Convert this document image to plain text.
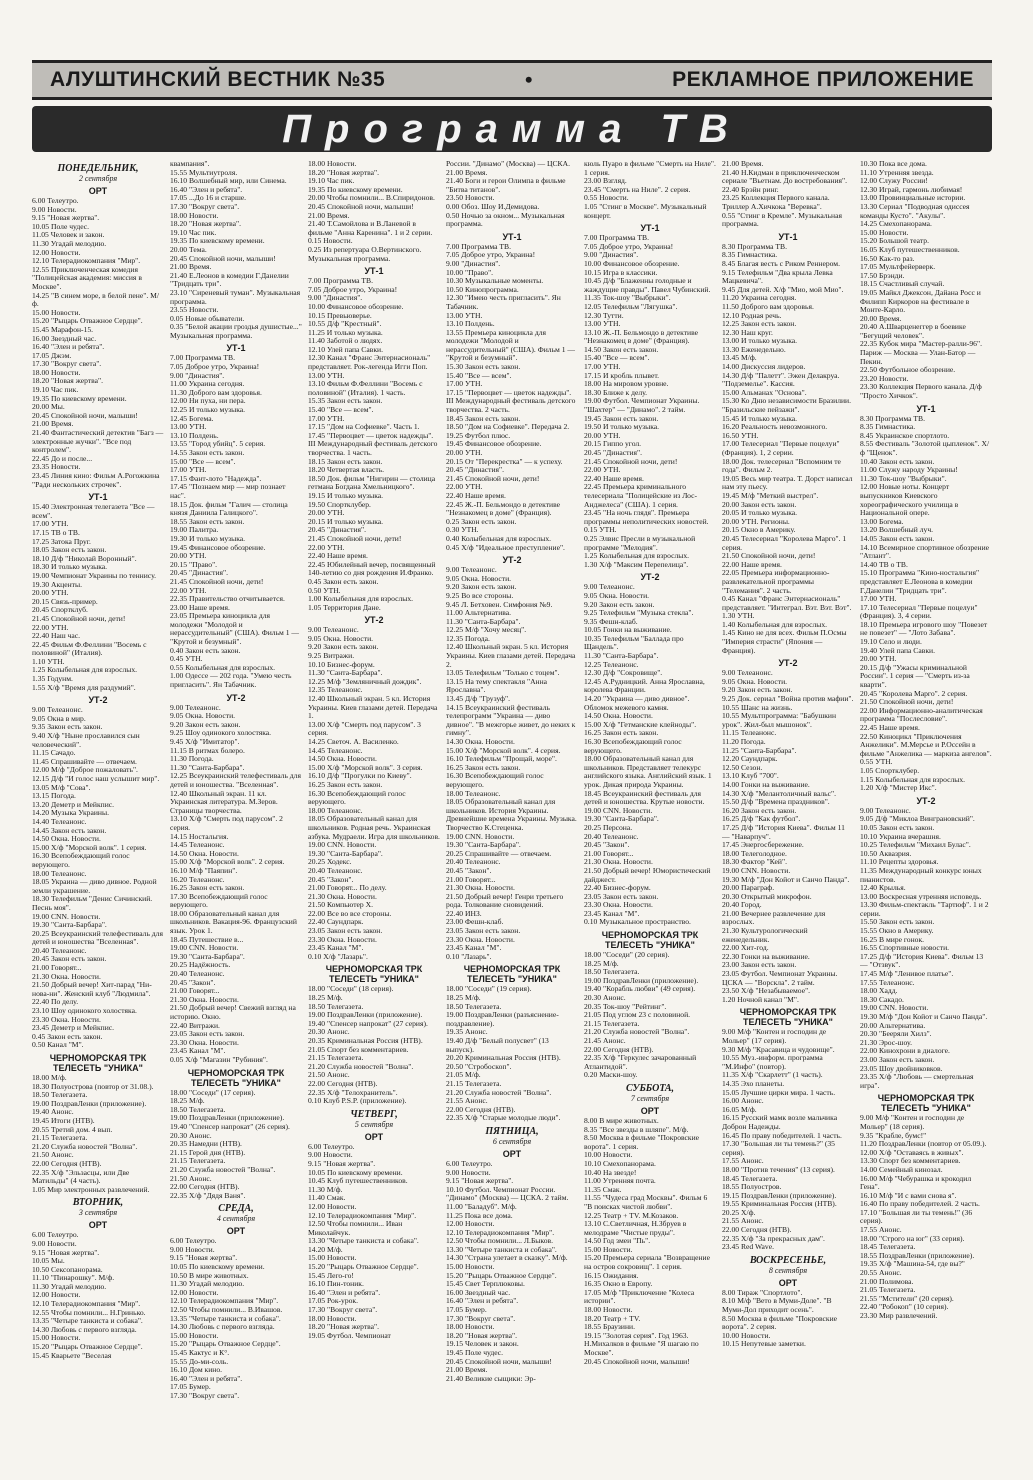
АЛУШТИНСКИЙ ВЕСТНИК №35	•	РЕКЛАМНОЕ ПРИЛОЖЕНИЕ
Программа ТВ
ПОНЕДЕЛЬНИК,
2 сентября
ОРТ

6.00 Телеутро.

9.00 Новости.

9.15 "Новая жертва".

10.05 Поле чудес.

11.05 Человек и закон.

11.30 Угадай мелодию.

12.00 Новости.

12.10 Телерадиокомпания "Мир".

12.55 Приключенческая комедия "Полицейская академия: миссия в Москве".

14.25 "В синем море, в белой пене". М/ф.

15.00 Новости.

15.20 "Рыцарь Отважное Сердце".

15.45 Марафон-15.

16.00 Звездный час.

16.40 "Элен и ребята".

17.05 Джэм.

17.30 "Вокруг света".

18.00 Новости.

18.20 "Новая жертва".

19.10 Час пик.

19.35 По киевскому времени.

20.00 Мы.

20.45 Спокойной ночи, малыши!

21.00 Время.

21.40 Фантастический детектив "Багз — электронные жучки". "Все под контролем".

22.45 До и после...

23.35 Новости.

23.45 Линия кино: Фильм А.Рогожкина "Ради нескольких строчек".

УТ-1

15.40 Электронная телегазета "Все — всем".

17.00 УТН.

17.15 ТВ о ТВ.

17.25 Затока Пруг.

18.05 Закон есть закон.

18.10 Д/ф "Николай Воронный".

18.30 И только музыка.

19.00 Чемпионат Украины по теннису.

19.30 Акценты.

20.00 УТН.

20.15 Связь-пример.

20.45 Спортклуб.

21.45 Спокойной ночи, дети!

22.00 УТН.

22.40 Наш час.

22.45 Фильм Ф.Феллини "Восемь с половиной" (Италия).

1.10 УТН.

1.25 Колыбельная для взрослых.

1.35 Годунм.

1.55 Х/ф "Время для раздумий".

УТ-2

9.00 Телеанонс.

9.05 Окна в мир.

9.35 Закон есть закон.

9.40 Х/ф "Ныне прославился сын человеческий".

11.15 Сачадо.

11.45 Спрашивайте — отвечаем.

12.00 М/ф "Доброе пожаловать".

12.15 Д/ф "И голос наш услышит мир".

13.05 М/ф "Сова".

13.15 Погода.

13.20 Деметр и Мейкпис.

14.20 Музыка Украины.

14.40 Телеанонс.

14.45 Закон есть закон.

14.50 Окна. Новости.

15.00 Х/ф "Морской волк". 1 серия.

16.30 Всепобеждающий голос верующего.

18.00 Телеанонс.

18.05 Украина — диво дивное. Родной земли украшение.

18.30 Телефильм "Денис Сичинский. Песнь моя".

19.00 CNN. Новости.

19.30 "Санта-Барбара".

20.25 Всеукраинский телефестиваль для детей и юношества "Вселенная".

20.40 Телеанонс.

20.45 Закон есть закон.

21.00 Говорят...

21.30 Окна. Новости.

21.50 Добрый вечер! Хит-парад "Ни-нова-ни". Женский клуб "Людмила".

22.40 По делу.

23.10 Шоу одинокого холостяка.

23.30 Окна. Новости.

23.45 Деметр и Мейкпис.

0.45 Закон есть закон.

0.50 Канал "М".

ЧЕРНОМОРСКАЯ ТРК ТЕЛЕСЕТЬ "УНИКА"

18.00 М/ф.

18.30 Полуострова (повтор от 31.08.).

18.50 Телегазета.

19.00 ПоздравЛенки (приложение).

19.40 Анонс.

19.45 Итоги (НТВ).

20.55 Третий дом. 4 вып.

21.15 Телегазета.

21.20 Служба новостей "Волна".

21.50 Анонс.

22.00 Сегодня (НТВ).

22.35 Х/ф "Эльзасцы, или Две Матильды" (4 часть).

1.05 Мир электронных развлечений.

ВТОРНИК,
3 сентября
ОРТ

6.00 Телеутро.

9.00 Новости.

9.15 "Новая жертва".

10.05 Мы.

10.50 Сексопанорама.

11.10 "Пинарошку". М/ф.

11.30 Угадай мелодию.

12.00 Новости.

12.10 Телерадиокомпания "Мир".

12.55 Чтобы помнили... Н.Гринько.

13.35 "Четыре танкиста и собака".

14.30 Любовь с первого взгляда.

15.00 Новости.

15.20 "Рыцарь Отважное Сердце".

15.45 Кварьете "Веселая

квампания".

15.55 Мультиутроля.

16.10 Волшебный мир, или Синема.

16.40 "Элен и ребята".

17.05 ...До 16 и старше.

17.30 "Вокруг света".

18.00 Новости.

18.20 "Новая жертва".

19.10 Час пик.

19.35 По киевскому времени.

20.00 Тема.

20.45 Спокойной ночи, малыши!

21.00 Время.

21.40 Е.Леонов в комедии Г.Данелии "Тридцать три".

23.10 "Сиреневый туман". Музыкальная программа.

23.55 Новости.

0.05 Новые обыватели.

0.35 "Белой акации гроздья душистые..." Музыкальная программа.

УТ-1

7.00 Программа ТВ.

7.05 Доброе утро, Украина!

9.00 "Династия".

11.00 Украина сегодня.

11.30 Доброго вам здоровья.

12.00 Ни пуха, ни пера.

12.25 И только музыка.

12.45 Богема.

13.00 УТН.

13.10 Полдень.

13.55 "Город убийц". 5 серия.

14.55 Закон есть закон.

15.00 "Все — всем".

17.00 УТН.

17.15 Фант-лото "Надежда".

17.45 "Познаем мир — мир познает нас".

18.15 Док. фильм "Галич — столица князя Даниила Галицкого".

18.55 Закон есть закон.

19.00 Палитра.

19.30 И только музыка.

19.45 Финансовое обозрение.

20.00 УТН.

20.15 "Право".

20.45 "Династия".

21.45 Спокойной ночи, дети!

22.00 УТН.

22.35 Правительство отчитывается.

23.00 Наше время.

23.05 Премьера киноцикла для молодежи "Молодой и нерассудительный" (США). Фильм 1 — "Крутой и безумный".

0.40 Закон есть закон.

0.45 УТН.

0.55 Колыбельная для взрослых.

1.00 Одессе — 202 года. "Умею честь пригласить". Ян Табачник.

УТ-2

9.00 Телеанонс.

9.05 Окна. Новости.

9.20 Закон есть закон.

9.25 Шоу одинокого холостяка.

9.45 Х/ф "Имитатор".

11.15 В ритмах болеро.

11.30 Погода.

11.30 "Санта-Барбара".

12.25 Всеукраинский телефестиваль для детей и юношества. "Вселенная".

12.40 Школьный экран. 11 кл. Украинская литература. М.Зеров. Страницы творчества.

13.10 Х/ф "Смерть под парусом". 2 серия.

14.15 Ностальгия.

14.45 Телеанонс.

14.50 Окна. Новости.

15.00 Х/ф "Морской волк". 2 серия.

16.10 М/ф "Паяпин".

16.20 Телеанонс.

16.25 Закон есть закон.

17.30 Всепобеждающий голос верующего.

18.00 Образовательный канал для школьников. Вакация-96. Французский язык. Урок 1.

18.45 Путешествие в...

19.00 CNN. Новости.

19.30 "Санта-Барбара".

20.25 Надёжность.

20.40 Телеанонс.

20.45 "Закон".

21.00 Говорят...

21.30 Окна. Новости.

21.50 Добрый вечер! Свежий взгляд на историю. Окно.

22.40 Витражи.

23.05 Закон есть закон.

23.30 Окна. Новости.

23.45 Канал "М".

0.05 Х/ф "Магазин "Рубиния".

ЧЕРНОМОРСКАЯ ТРК ТЕЛЕСЕТЬ "УНИКА"

18.00 "Соседи" (17 серия).

18.25 М/ф.

18.50 Телегазета.

19.00 ПоздравЛенки (приложение).

19.40 "Спенсер напрокат" (26 серия).

20.30 Анонс.

20.35 Намедни (НТВ).

21.15 Герой дня (НТВ).

21.15 Телегазета.

21.20 Служба новостей "Волна".

21.50 Анонс.

22.00 Сегодня (НТВ).

22.35 Х/ф "Дядя Ваня".

СРЕДА,
4 сентября
ОРТ

6.00 Телеутро.

9.00 Новости.

9.15 "Новая жертва".

10.05 По киевскому времени.

10.50 В мире животных.

11.30 Угадай мелодию.

12.00 Новости.

12.10 Телерадиокомпания "Мир".

12.50 Чтобы помнили... В.Ивашов.

13.35 "Четыре танкиста и собака".

14.30 Любовь с первого взгляда.

15.00 Новости.

15.20 "Рыцарь Отважное Сердце".

15.45 Кактус и К°.

15.55 До-ми-соль.

16.10 Дом кино.

16.40 "Элен и ребята".

17.05 Бумер.

17.30 "Вокруг света".

18.00 Новости.

18.20 "Новая жертва".

19.10 Час пик.

19.35 По киевскому времени.

20.00 Чтобы помнили... В.Спиридонов.

20.45 Спокойной ночи, малыши!

21.00 Время.

21.40 Т.Самойлова и В.Ланевой в фильме "Анна Каренина". 1 и 2 серии.

0.15 Новости.

0.25 Из репертуара О.Вертинского. Музыкальная программа.

УТ-1

7.00 Программа ТВ.

7.05 Доброе утро, Украина!

9.00 "Династия".

10.00 Финансовое обозрение.

10.15 Превьюверье.

10.55 Д/ф "Крестный".

11.25 И только музыка.

11.40 Заботой о людях.

12.10 Улей папа Савки.

12.30 Канал "Франс Энтернасиональ" представляет. Рок-легенда Игги Поп.

13.00 УТН.

13.10 Фильм Ф.Феллини "Восемь с половиной" (Италия). 1 часть.

15.35 Закон есть закон.

15.40 "Все — всем".

17.00 УТН.

17.15 "Дом на Софиевке". Часть 1.

17.45 "Первоцвет — цветок надежды". III Международный фестиваль детского творчества. 1 часть.

18.15 Закон есть закон.

18.20 Четвертая власть.

18.50 Док. фильм "Нигирин — столица гетмана Богдана Хмельницкого".

19.15 И только музыка.

19.50 Спортклубер.

20.00 УТН.

20.15 И только музыка.

20.45 "Династия".

21.45 Спокойной ночи, дети!

22.00 УТН.

22.40 Наше время.

22.45 Юбилейный вечер, посвященный 140-летию со дня рождения И.Франко.

0.45 Закон есть закон.

0.50 УТН.

1.00 Колыбельная для взрослых.

1.05 Территория Дане.

УТ-2

9.00 Телеанонс.

9.05 Окна. Новости.

9.20 Закон есть закон.

9.25 Витражи.

10.10 Бизнес-форум.

11.30 "Санта-Барбара".

12.25 М/ф "Земляничный дождик".

12.35 Телеанонс.

12.40 Школьный экран. 5 кл. История Украины. Киев глазами детей. Передача 1.

13.00 Х/ф "Смерть под парусом". 3 серия.

14.25 Светоч. А. Василенко.

14.45 Телеанонс.

14.50 Окна. Новости.

15.00 Х/ф "Морской волк". 3 серия.

16.10 Д/ф "Прогулки по Киеву".

16.25 Закон есть закон.

16.30 Всепобеждающий голос верующего.

18.00 Телеанонс.

18.05 Образовательный канал для школьников. Родная речь. Украинская азбука. Мудраели. Игра для школьников.

19.00 CNN. Новости.

19.30 "Санта-Барбара".

20.25 Ходекс.

20.40 Телеанонс.

20.45 "Закон".

21.00 Говорят... По делу.

21.30 Окна. Новости.

21.50 Компьютер X.

22.00 Все во все стороны.

22.40 Саундпарк.

23.05 Закон есть закон.

23.30 Окна. Новости.

23.45 Канал "М".

0.10 Х/ф "Лазарь".

ЧЕРНОМОРСКАЯ ТРК ТЕЛЕСЕТЬ "УНИКА"

18.00 "Соседи" (18 серия).

18.25 М/ф.

18.50 Телегазета.

19.00 ПоздравЛенки (приложение).

19.40 "Спенсер напрокат" (27 серия).

20.30 Анонс.

20.35 Криминальная Россия (НТВ).

21.05 Спорт без комментариев.

21.15 Телегазета.

21.20 Служба новостей "Волна".

21.50 Анонс.

22.00 Сегодня (НТВ).

22.35 Х/ф "Телохранитель".

0.10 Клуб P.S.P. (приложение).

ЧЕТВЕРГ,
5 сентября
ОРТ

6.00 Телеутро.

9.00 Новости.

9.15 "Новая жертва".

10.05 По киевскому времени.

10.45 Клуб путешественников.

11.30 М/ф.

11.40 Смак.

12.00 Новости.

12.10 Телерадиокомпания "Мир".

12.50 Чтобы помнили... Иван Миколайчук.

13.30 "Четыре танкиста и собака".

14.20 М/ф.

15.00 Новости.

15.20 "Рыцарь Отважное Сердце".

15.45 Лего-го!

16.10 Пин-тоник.

16.40 "Элен и ребята".

17.05 Рок-урок.

17.30 "Вокруг света".

18.00 Новости.

18.20 "Новая жертва".

19.05 Футбол. Чемпионат

России. "Динамо" (Москва) — ЦСКА.

21.00 Время.

21.40 Боги и герои Олимпа в фильме "Битва титанов".

23.50 Новости.

0.00 Обоз. Шоу И.Демидова.

0.50 Ночью за окном... Музыкальная программа.

УТ-1

7.00 Программа ТВ.

7.05 Доброе утро, Украина!

9.00 "Династия".

10.00 "Право".

10.30 Музыкальные моменты.

10.50 Кинопрограмма.

12.30 "Имею честь пригласить". Ян Табачник.

13.00 УТН.

13.10 Полдень.

13.55 Премьера киноцикла для молодежи "Молодой и нерассудительный" (США). Фильм 1 — "Крутой и безумный".

15.30 Закон есть закон.

15.40 "Все — всем".

17.00 УТН.

17.15 "Первоцвет — цветок надежды". III Международный фестиваль детского творчества. 2 часть.

18.45 Закон есть закон.

18.50 "Дом на Софиевке". Передача 2.

19.25 Футбол плюс.

19.45 Финансовое обозрение.

20.00 УТН.

20.15 От "Перекрестка" — к успеху.

20.45 "Династия".

21.45 Спокойной ночи, дети!

22.00 УТН.

22.40 Наше время.

22.45 Ж.-П. Бельмондо в детективе "Незнакомец в доме" (Франция).

0.25 Закон есть закон.

0.30 УТН.

0.40 Колыбельная для взрослых.

0.45 Х/ф "Идеальное преступление".

УТ-2

9.00 Телеанонс.

9.05 Окна. Новости.

9.20 Закон есть закон.

9.25 Во все стороны.

9.45 Л. Бетховен. Симфония №9.

11.00 Альтернатива.

11.30 "Санта-Барбара".

12.25 М/ф "Хочу месяц".

12.35 Погода.

12.40 Школьный экран. 5 кл. История Украины. Киев глазами детей. Передача 2.

13.05 Телефильм "Только с тоцем".

13.15 На тему спектакля "Анна Ярославна".

13.45 Д/ф "Грузуф".

14.15 Всеукраинский фестиваль телепрограмм "Украина — диво дивное". "В межгорье живет, до неких к гимну".

14.30 Окна. Новости.

15.00 Х/ф "Морской волк". 4 серия.

16.10 Телефильм "Прощай, море".

16.25 Закон есть закон.

16.30 Всепобеждающий голос верующего.

18.00 Телеанонс.

18.05 Образовательный канал для школьников. История Украины. Древнейшие времена Украины. Музыка. Творчество К.Стеценка.

19.00 CNN. Новости.

19.30 "Санта-Барбара".

20.25 Спрашивайте — отвечаем.

20.40 Телеанонс.

20.45 "Закон".

21.00 Говорят...

21.30 Окна. Новости.

21.50 Добрый вечер! Генри третьего рода. Толкование сновидений.

22.40 ИНЗ.

23.00 Фешн-клаб.

23.05 Закон есть закон.

23.30 Окна. Новости.

23.45 Канал "М".

0.10 "Лазарь".

ЧЕРНОМОРСКАЯ ТРК ТЕЛЕСЕТЬ "УНИКА"

18.00 "Соседи" (19 серия).

18.25 М/ф.

18.50 Телегазета.

19.00 ПоздравЛенки (разъяснение-поздравление).

19.35 Анонс.

19.40 Д/ф "Белый полусвет" (13 выпуск).

20.20 Криминальная Россия (НТВ).

20.50 "Стробоскоп".

21.05 М/ф.

21.15 Телегазета.

21.20 Служба новостей "Волна".

21.55 Анонс.

22.00 Сегодня (НТВ).

22.35 Х/ф "Старые молодые люди".

ПЯТНИЦА,
6 сентября
ОРТ

6.00 Телеутро.

9.00 Новости.

9.15 "Новая жертва".

10.10 Футбол. Чемпионат России. "Динамо" (Москва) — ЦСКА. 2 тайм.

11.00 "Баладуб". М/ф.

11.25 Пока все дома.

12.00 Новости.

12.10 Телерадиокомпания "Мир".

12.50 Чтобы помнили... Л.Быков.

13.30 "Четыре танкиста и собака".

14.30 "Страна улетает в сказку". М/ф.

15.00 Новости.

15.20 "Рыцарь Отважное Сердце".

15.45 Свет Терплюковы.

16.00 Звездный час.

16.40 "Элен и ребята".

17.05 Бумер.

17.30 "Вокруг света".

18.00 Новости.

18.20 "Новая жертва".

19.15 Человек и закон.

19.45 Поле чудес.

20.45 Спокойной ночи, малыши!

21.00 Время.

21.40 Великие сыщики: Эр-

кюль Пуаро в фильме "Смерть на Ниле". 1 серия.

23.00 Взгляд.

23.45 "Смерть на Ниле". 2 серия.

0.55 Новости.

1.05 "Стинг в Москве". Музыкальный концерт.

УТ-1

7.00 Программа ТВ.

7.05 Доброе утро, Украина!

9.00 "Династия".

10.00 Финансовое обозрение.

10.15 Игра в классики.

10.45 Д/ф "Блаженны голодные и жаждущие правды". Павел Чубинский.

11.35 Ток-шоу "Выбрыки".

12.05 Телефильм "Лягушка".

12.30 Тутти.

13.00 УТН.

13.10 Ж.-П. Бельмондо в детективе "Незнакомец в доме" (Франция).

14.50 Закон есть закон.

15.40 "Все — всем".

17.00 УТН.

17.15 И кробль плывет.

18.00 На мировом уровне.

18.30 Ближе к делу.

19.00 Футбол. Чемпионат Украины. "Шахтер" — "Динамо". 2 тайм.

19.45 Закон есть закон.

19.50 И только музыка.

20.00 УТН.

20.15 Гиппо угол.

20.45 "Династия".

21.45 Спокойной ночи, дети!

22.00 УТН.

22.40 Наше время.

22.45 Премьера криминального телесериала "Полицейские из Лос-Анджелеса" (США). 1 серия.

23.45 "На ночь глядя". Премьера программы неполитических новостей.

0.15 УТН.

0.25 Элвис Пресли в музыкальной программе "Мелодия".

1.25 Колыбельная для взрослых.

1.30 Х/ф "Максим Перепелица".

УТ-2

9.00 Телеанонс.

9.05 Окна. Новости.

9.20 Закон есть закон.

9.25 Телефильм "Музыка стекла".

9.35 Фешн-клаб.

10.05 Гонки на выживание.

10.35 Телефильм "Баллада про Щандель".

11.30 "Санта-Барбара".

12.25 Телеанонс.

12.30 Д/ф "Сокровище".

12.45 А.Рудницкий. Анна Ярославна, королева Франции.

14.20 "Украина — диво дивное". Обломок межевого камня.

14.50 Окна. Новости.

15.00 Х/ф "Гетманские клейноды".

16.25 Закон есть закон.

16.30 Всепобеждающий голос верующего.

18.00 Образовательный канал для школьников. Представляет телекурс английского языка. Английский язык. 1 урок. Дикая природа Украины.

18.45 Всеукраинский фестиваль для детей и юношества. Крутые новости.

19.00 CNN. Новости.

19.30 "Санта-Барбара".

20.25 Персона.

20.40 Телеанонс.

20.45 "Закон".

21.00 Говорят...

21.30 Окна. Новости.

21.50 Добрый вечер! Юмористический дайджест.

22.40 Бизнес-форум.

23.05 Закон есть закон.

23.30 Окна. Новости.

23.45 Канал "М".

0.10 Музыкальное пространство.

ЧЕРНОМОРСКАЯ ТРК ТЕЛЕСЕТЬ "УНИКА"

18.00 "Соседи" (20 серия).

18.25 М/ф.

18.50 Телегазета.

19.00 ПоздравЛенки (приложение).

19.40 "Корабль любви" (49 серия).

20.30 Анонс.

20.35 Ток-шоу "Рейтинг".

21.05 Под углом 23 с половиной.

21.15 Телегазета.

21.20 Служба новостей "Волна".

21.45 Анонс.

22.00 Сегодня (НТВ).

22.35 Х/ф "Геркулес зачарованный Атлантидой".

0.20 Маски-шоу.

СУББОТА,
7 сентября
ОРТ

8.00 В мире животных.

8.35 "Все звезды в шляпе". М/ф.

8.50 Москва в фильме "Покровские ворота". 1 серия.

10.00 Новости.

10.10 Смехопанорама.

10.40 На звезде!

11.00 Утренняя почта.

11.35 Смак.

11.55 "Чудеса град Москвы". Фильм 6 "В поисках чистой любви".

12.25 Театр + TV. М.Козаков.

13.10 С.Светличная, Н.Збруев в мелодраме "Чистые пруды".

14.50 Год змеи "Пь".

15.00 Новости.

15.20 Премьера сериала "Возвращение на остров сокровищ". 1 серия.

16.15 Ожидания.

16.35 Окно в Европу.

17.05 М/ф "Приключение "Колеса истории".

18.00 Новости.

18.20 Театр + TV.

18.55 Браузини.

19.15 "Золотая серия". Год 1963. Н.Михалков в фильме "Я шагаю по Москве".

20.45 Спокойной ночи, малыши!

21.00 Время.

21.40 Н.Кидман в приключенческом сериале "Вьетнам. До востребования".

22.40 Брэйн ринг.

23.25 Коллекция Первого канала. Триллер А.Хичкока "Веревка".

0.55 "Стинг в Кремле". Музыкальная программа.

УТ-1

8.30 Программа ТВ.

8.35 Гимнастика.

8.45 Благая весть с Риком Реннером.

9.15 Телефильм "Два крыла Левка Мацкевича".

9.45 Для детей. Х/ф "Мио, мой Мио".

11.20 Украина сегодня.

11.50 Доброго вам здоровья.

12.10 Родная речь.

12.25 Закон есть закон.

12.30 Наш круг.

13.00 И только музыка.

13.30 Еженедельно.

13.45 М/ф.

14.00 Дискуссия лидеров.

14.30 Д/ф "Палетт". Эжен Делакруа. "Подземелье". Кассия.

15.00 Альманах "Основа".

15.30 Ко Дню независимости Бразилии. "Бразильские пейзажи".

15.45 И только музыка.

16.20 Реальность невозможного.

16.50 УТН.

17.00 Телесериал "Первые поцелуи" (Франция). 1, 2 серии.

18.00 Док. телесериал "Вспомним те года". Фильм 2.

19.05 Весь мир театра. Т. Дорст написал нам эту пьесу.

19.45 М/ф "Меткий выстрел".

20.00 Закон есть закон.

20.05 И только музыка.

20.00 УТН. Регионы.

20.15 Окно в Америку.

20.45 Телесериал "Королева Марго". 1 серия.

21.50 Спокойной ночи, дети!

22.00 Наше время.

22.05 Премьера информационно-развлекательной программы "Телемания". 2 часть.

0.45 Канал "Франс Энтернасиональ" представляет. "Интеграл. Вэт. Вэт. Вэт".

1.30 УТН.

1.40 Колыбельная для взрослых.

1.45 Кино не для всех. Фильм П.Осмы "Империя страсти" (Япония — Франция).

УТ-2

9.00 Телеанонс.

9.05 Окна. Новости.

9.20 Закон есть закон.

9.25 Док. сериал "Война против мафии".

10.55 Шанс на жизнь.

10.55 Мультпрограмма: "Бабушкин урок". Жил-был мышонок".

11.15 Телеанонс.

11.20 Погода.

11.25 "Санта-Барбара".

12.20 Саундпарк.

12.50 Сезон.

13.10 Клуб "700".

14.00 Гонки на выживание.

14.30 Х/ф "Мелантоличный вальс".

15.50 Д/ф "Времена праздников".

16.20 Закон есть закон.

16.25 Д/ф "Как футбол".

17.25 Д/ф "История Киева". Фильм 11 — "Наварпуч".

17.45 Энергосбережение.

18.00 Телеголодное.

18.30 Фактор "Кей".

19.00 CNN. Новости.

19.30 М/ф "Дон Койот и Санчо Панда".

20.00 Параграф.

20.30 Открытый микрофон.

20.40 Город.

21.00 Вечернее развлечение для взрослых.

21.30 Культурологический еженедельник.

22.00 Хит-год.

22.30 Гонки на выживание.

23.00 Закон есть закон.

23.05 Футбол. Чемпионат Украины. ЦСКА — "Ворскла". 2 тайм.

23.50 Х/ф "Незабываемое".

1.20 Ночной канал "М".

ЧЕРНОМОРСКАЯ ТРК ТЕЛЕСЕТЬ "УНИКА"

9.00 М/ф "Контен и господин де Мольер" (17 серия).

9.30 М/ф "Красавица и чудовище".

10.55 Муз.-информ. программа "М.Инфо" (повтор).

11.35 Х/ф "Скарлетт" (1 часть).

14.35 Эхо планеты.

15.05 Лучшие цирки мира. 1 часть.

16.00 Анонс.

16.05 М/ф.

16.15 Русский мамк возле мальчика Доброн Надежды.

16.45 По праву победителей. 1 часть.

17.30 "Большая ли ты темень?" (35 серия).

17.55 Анонс.

18.00 "Против течения" (13 серия).

18.45 Телегазета.

18.55 Полуостров.

19.15 ПоздравЛенки (приложение).

19.55 Криминальная Россия (НТВ).

20.25 Х/ф.

21.55 Анонс.

22.00 Сегодня (НТВ).

22.35 Х/ф "За прекрасных дам".

23.45 Red Wave.

ВОСКРЕСЕНЬЕ,
8 сентября
ОРТ

8.00 Тираж "Спортлото".

8.10 М/ф "Вето в Муми-Доле". "В Муми-Дол приходит осень".

8.50 Москва в фильме "Покровские ворота". 2 серия.

10.00 Новости.

10.15 Непутевые заметки.

10.30 Пока все дома.

11.10 Утренняя звезда.

12.00 Служу России!

12.30 Играй, гармонь любимая!

13.00 Провинциальные истории.

13.30 Сериал "Подводная одиссея команды Кусто". "Акулы".

14.25 Смехопанорама.

15.00 Новости.

15.20 Большой театр.

16.05 Клуб путешественников.

16.50 Как-то раз.

17.05 Мультфейерверк.

17.50 Брэнди.

18.15 Счастливый случай.

19.05 Майкл Джексон, Дайана Росс и Филипп Киркоров на фестивале в Монте-Карло.

20.00 Время.

20.40 А.Шварценеггер в боевике "Бегущий человек".

22.35 Кубок мира "Мастер-ралли-96". Париж — Москва — Улан-Батор — Пекин.

22.50 Футбольное обозрение.

23.20 Новости.

23.30 Коллекция Первого канала. Д/ф "Просто Хичкок".

УТ-1

8.30 Программа ТВ.

8.35 Гимнастика.

8.45 Украинское спортлото.

8.55 Фестиваль "Золотой цыпленок". Х/ф "Щенок".

10.40 Закон есть закон.

11.00 Служу народу Украины!

11.30 Ток-шоу "Выбрыки".

12.00 Новые ноты. Концерт выпускников Киевского хореографического училища в Национальной опере.

13.00 Богема.

13.20 Волшебный луч.

14.05 Закон есть закон.

14.10 Всемирное спортивное обозрение "Атлант".

14.40 ТВ о ТВ.

15.10 Программа "Кино-ностальгия" представляет Е.Леонова в комедии Г.Данелии "Тридцать три".

17.00 УТН.

17.10 Телесериал "Первые поцелуи" (Франция). 3, 4 серии.

18.10 Премьера игрового шоу "Повезет не повезет" — "Лото Забава".

19.10 Село и люди.

19.40 Улей папа Савки.

20.00 УТН.

20.15 Д/ф "Ужасы криминальной России". 1 серия — "Смерть из-за кварти".

20.45 "Королева Марго". 2 серия.

21.50 Спокойной ночи, дети!

22.00 Информационно-аналитическая программа "Послесловие".

22.45 Наше время.

22.50 Киноцикл "Приключения Анжелики". М.Мерсье и Р.Оссейн в фильме "Анжелика — маркиза ангелов".

0.55 УТН.

1.05 Спортклубер.

1.15 Колыбельная для взрослых.

1.20 Х/ф "Мистер Икс".

УТ-2

9.00 Телеанонс.

9.05 Д/ф "Миклоа Винграновский".

10.05 Закон есть закон.

10.10 Украина вчерашня.

10.25 Телефильм "Михаил Булас".

10.50 Аквазрия.

11.10 Рецепты здоровья.

11.35 Международный конкурс юных пианистов.

12.40 Крылья.

13.00 Воскресная утренняя исповедь.

13.30 Фильм-спектакль "Тартюф". 1 и 2 серии.

15.50 Закон есть закон.

15.55 Окно в Америку.

16.25 В мире гонок.

16.55 Спортивные новости.

17.25 Д/ф "История Киева". Фильм 13 — "Отзвук".

17.45 М/ф "Ленивое платье".

17.55 Телеанонс.

18.00 Хадд.

18.30 Сакадо.

19.00 CNN. Новости.

19.30 М/ф "Дон Койот и Санчо Панда".

20.00 Альтернатива.

20.30 "Бееряли Хилз".

21.30 Эрос-шоу.

22.00 Кинохрони в диалоге.

23.00 Закон есть закон.

23.05 Шоу двойниковков.

23.35 Х/ф "Любовь — смертельная игра".

ЧЕРНОМОРСКАЯ ТРК ТЕЛЕСЕТЬ "УНИКА"

9.00 М/ф "Контен и господин де Мольер" (18 серия).

9.35 "Крабле, бумс!"

11.20 ПоздравЛенки (повтор от 05.09.).

12.00 Х/ф "Оставаясь в живых".

13.30 Спорт без комментариев.

14.00 Семейный кинозал.

16.00 М/ф "Чебурашка и крокодил Гена".

16.10 М/ф "И с вами снова я".

16.40 По праву победителей. 2 часть.

17.10 "Большая ли ты темень!" (36 серия).

17.55 Анонс.

18.00 "Строго на юг" (33 серия).

18.45 Телегазета.

18.55 ПоздравЛенки (приложение).

19.35 Х/ф "Машина-54, где вы?"

20.55 Анонс.

21.00 Полимова.

21.05 Телегазета.

21.55 "Мстители" (20 серия).

22.40 "Робокоп" (10 серия).

23.30 Мир развлечений.
